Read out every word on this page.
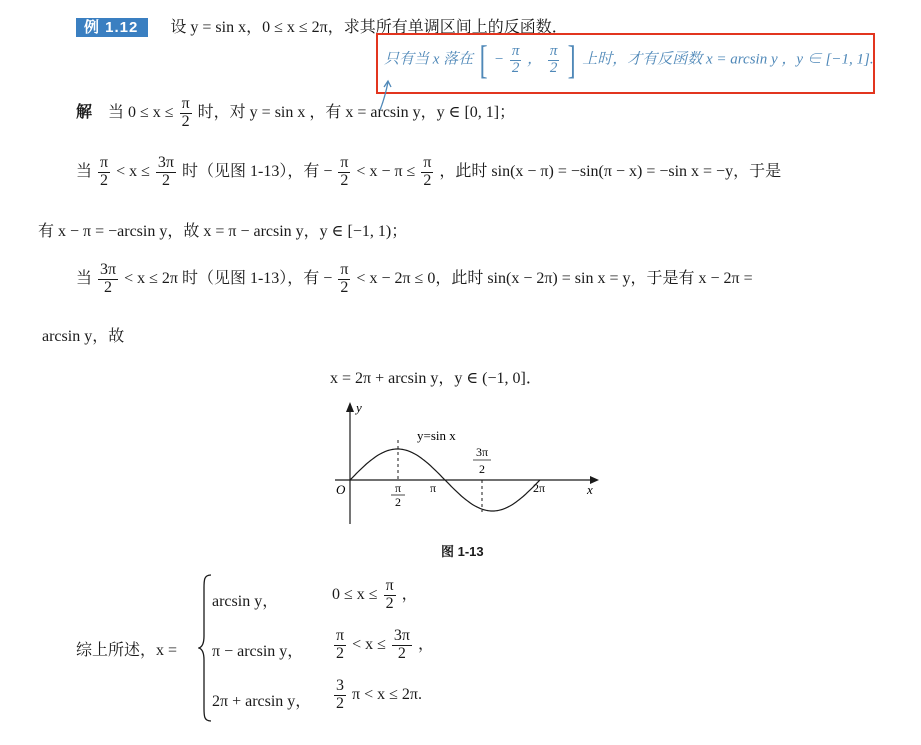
例 1.12 设 y = sin x，0 ≤ x ≤ 2π，求其所有单调区间上的反函数．
只有当 x 落在 [ − $\frac{\pi}{2}$ ， $\frac{\pi}{2}$ ] 上时，才有反函数 x = arcsin y ，y ∈ [−1, 1].
解 当 $0 \le x \le \frac{\pi}{2}$ 时，对 y = sin x ，有 x = arcsin y，y ∈ [0, 1]；
当 $\frac{\pi}{2} < x \le \frac{3\pi}{2}$ 时（见图 1-13），有 − $\frac{\pi}{2} < x - \pi \le \frac{\pi}{2}$ ，此时 sin(x − π) = −sin(π − x) = −sin x = −y，于是
有 x − π = −arcsin y，故 x = π − arcsin y，y ∈ [−1, 1)；
当 $\frac{3\pi}{2} < x \le 2\pi$ 时（见图 1-13），有 − $\frac{\pi}{2} < x - 2\pi \le 0$，此时 sin(x − 2π) = sin x = y，于是有 x − 2π =
arcsin y，故
x = 2π + arcsin y，y ∈ (−1, 0]．
y
x
O
y=sin x
π
2
π
3π
2
2π
图 1-13
综上所述，x =
arcsin y，	$0 \le x \le \frac{\pi}{2}$ ，
π − arcsin y， $\frac{\pi}{2} < x \le \frac{3\pi}{2}$ ，
2π + arcsin y， $\frac{3}{2}$ π < x ≤ 2π.
